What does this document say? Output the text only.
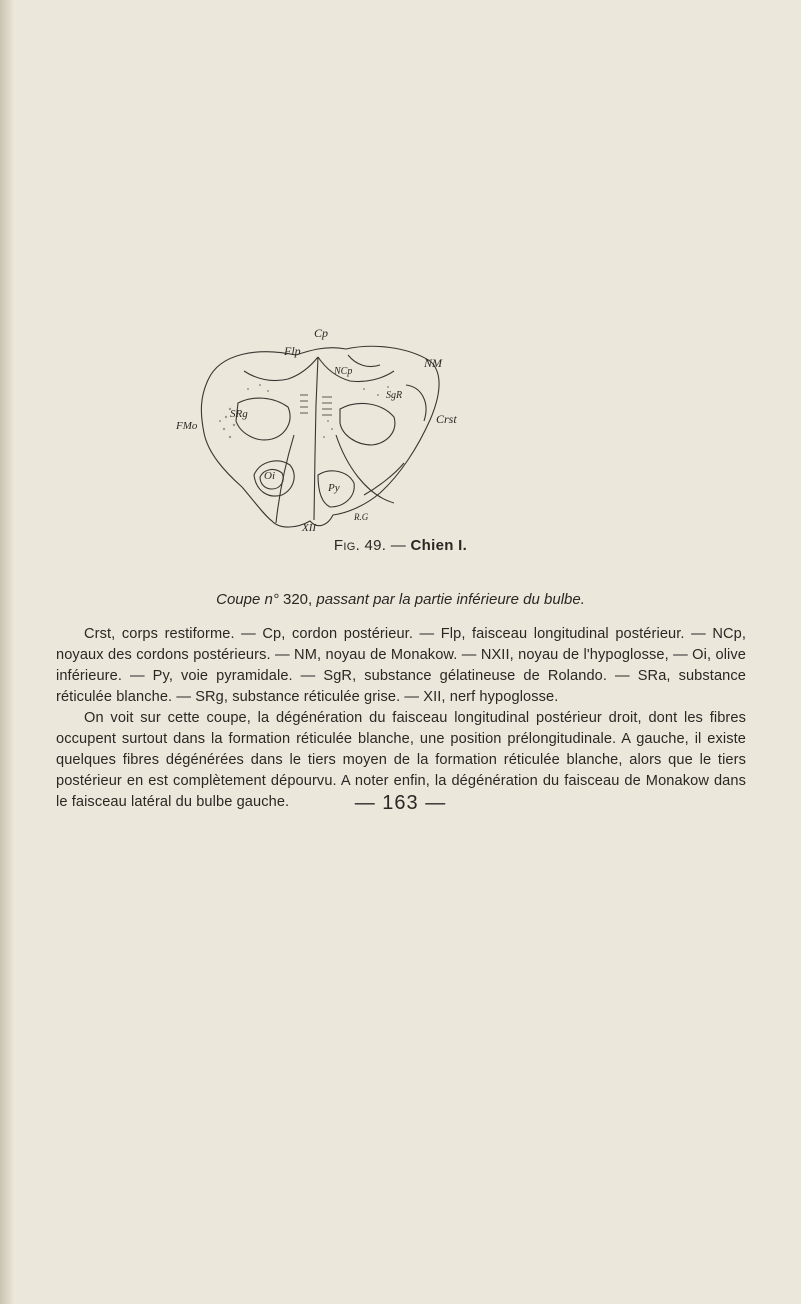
Cp
Flp
NM
NCp
SgR
Crst
FMo
SRg
Oi
Py
R.G
XII
Fig. 49. — Chien I.
Coupe n° 320, passant par la partie inférieure du bulbe.

Crst, corps restiforme. — Cp, cordon postérieur. — Flp, faisceau longitudinal postérieur. — NCp, noyaux des cordons postérieurs. — NM, noyau de Monakow. — NXII, noyau de l'hypoglosse, — Oi, olive inférieure. — Py, voie pyramidale. — SgR, substance gélatineuse de Rolando. — SRa, substance réticulée blanche. — SRg, substance réticulée grise. — XII, nerf hypoglosse.

On voit sur cette coupe, la dégénération du faisceau longitudinal postérieur droit, dont les fibres occupent surtout dans la formation réticulée blanche, une position prélongitudinale. A gauche, il existe quelques fibres dégénérées dans le tiers moyen de la formation réticulée blanche, alors que le tiers postérieur en est complètement dépourvu. A noter enfin, la dégénération du faisceau de Monakow dans le faisceau latéral du bulbe gauche.	— 163 —
